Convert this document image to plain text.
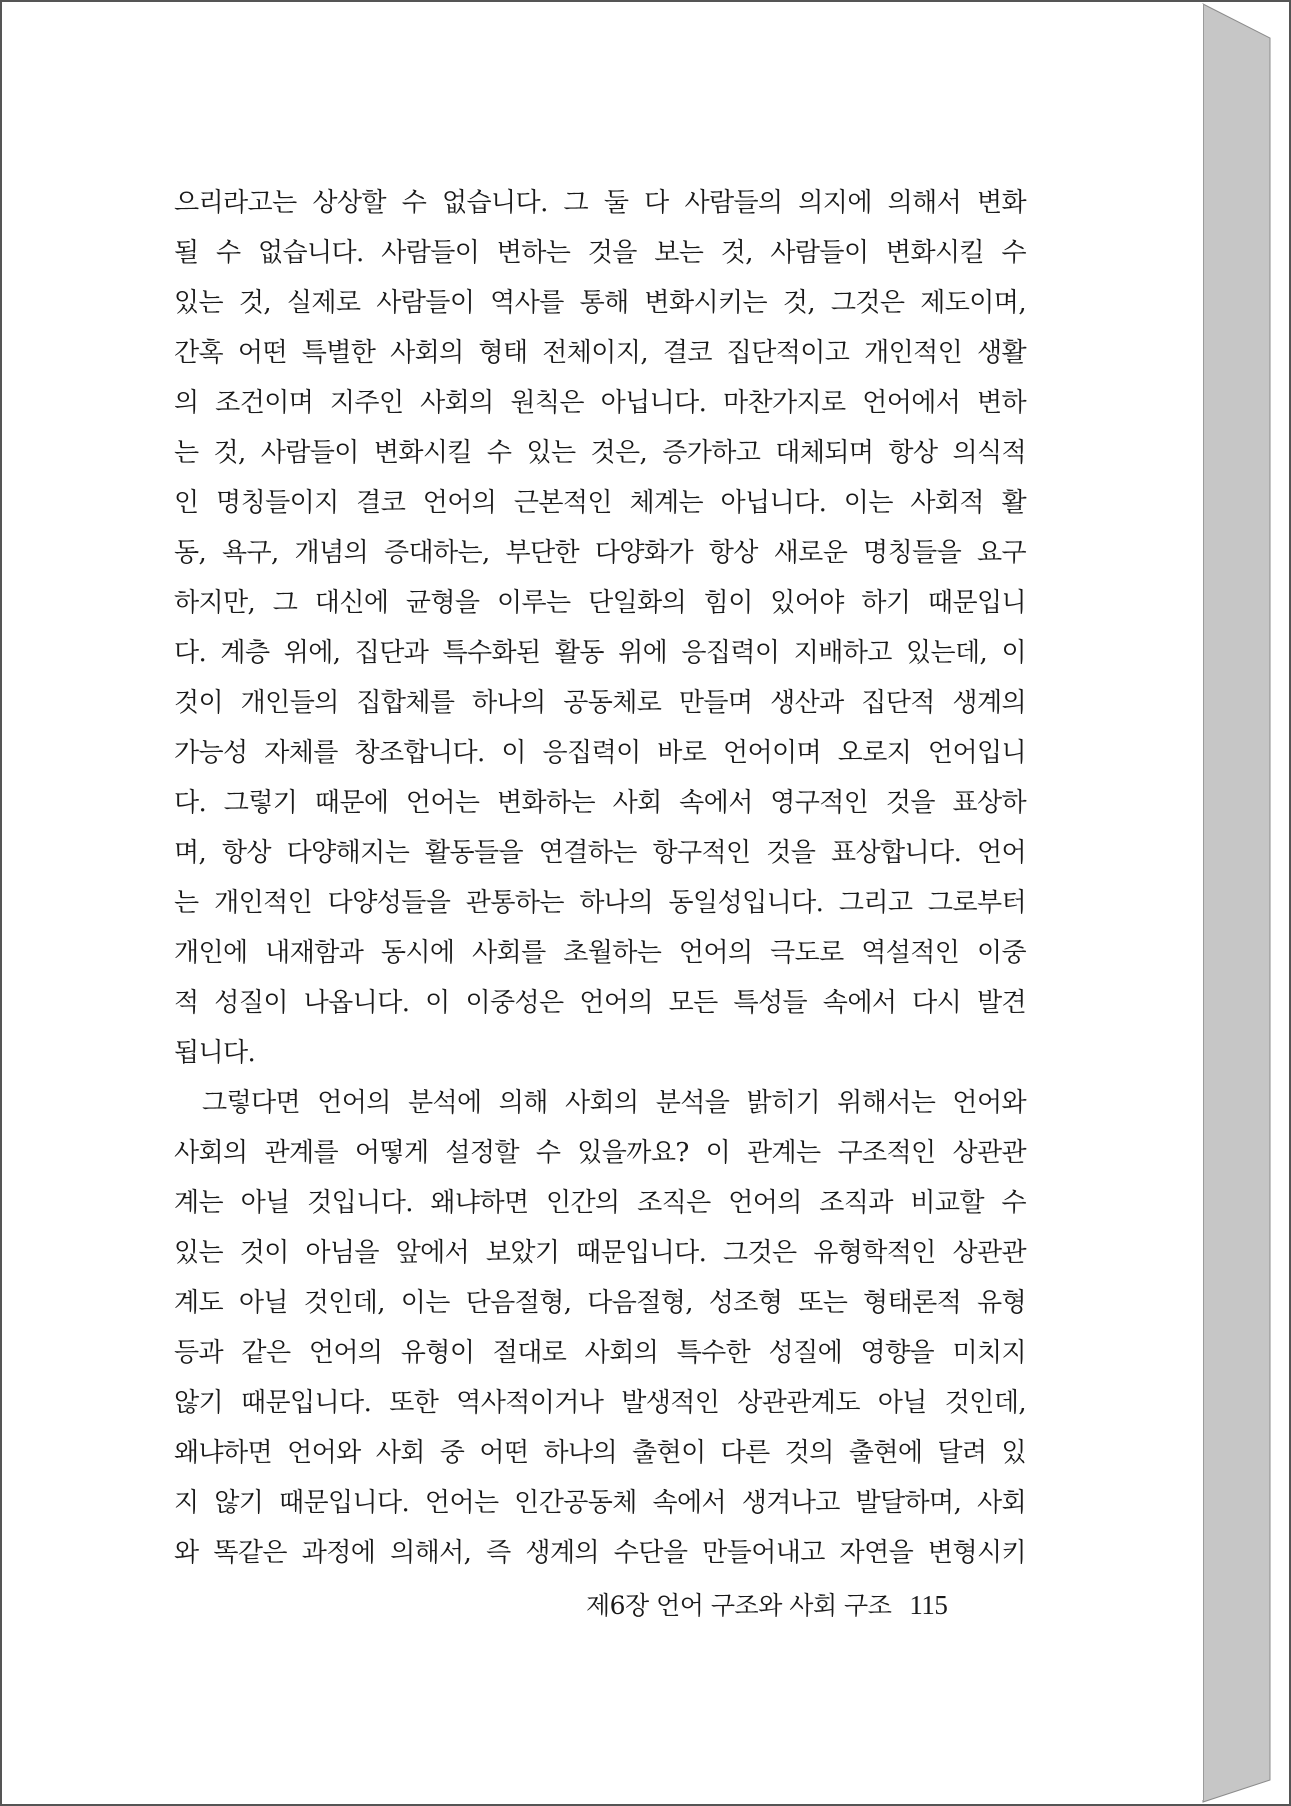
으리라고는 상상할 수 없습니다. 그 둘 다 사람들의 의지에 의해서 변화
될 수 없습니다. 사람들이 변하는 것을 보는 것, 사람들이 변화시킬 수
있는 것, 실제로 사람들이 역사를 통해 변화시키는 것, 그것은 제도이며,
간혹 어떤 특별한 사회의 형태 전체이지, 결코 집단적이고 개인적인 생활
의 조건이며 지주인 사회의 원칙은 아닙니다. 마찬가지로 언어에서 변하
는 것, 사람들이 변화시킬 수 있는 것은, 증가하고 대체되며 항상 의식적
인 명칭들이지 결코 언어의 근본적인 체계는 아닙니다. 이는 사회적 활
동, 욕구, 개념의 증대하는, 부단한 다양화가 항상 새로운 명칭들을 요구
하지만, 그 대신에 균형을 이루는 단일화의 힘이 있어야 하기 때문입니
다. 계층 위에, 집단과 특수화된 활동 위에 응집력이 지배하고 있는데, 이
것이 개인들의 집합체를 하나의 공동체로 만들며 생산과 집단적 생계의
가능성 자체를 창조합니다. 이 응집력이 바로 언어이며 오로지 언어입니
다. 그렇기 때문에 언어는 변화하는 사회 속에서 영구적인 것을 표상하
며, 항상 다양해지는 활동들을 연결하는 항구적인 것을 표상합니다. 언어
는 개인적인 다양성들을 관통하는 하나의 동일성입니다. 그리고 그로부터
개인에 내재함과 동시에 사회를 초월하는 언어의 극도로 역설적인 이중
적 성질이 나옵니다. 이 이중성은 언어의 모든 특성들 속에서 다시 발견
됩니다.
그렇다면 언어의 분석에 의해 사회의 분석을 밝히기 위해서는 언어와
사회의 관계를 어떻게 설정할 수 있을까요? 이 관계는 구조적인 상관관
계는 아닐 것입니다. 왜냐하면 인간의 조직은 언어의 조직과 비교할 수
있는 것이 아님을 앞에서 보았기 때문입니다. 그것은 유형학적인 상관관
계도 아닐 것인데, 이는 단음절형, 다음절형, 성조형 또는 형태론적 유형
등과 같은 언어의 유형이 절대로 사회의 특수한 성질에 영향을 미치지
않기 때문입니다. 또한 역사적이거나 발생적인 상관관계도 아닐 것인데,
왜냐하면 언어와 사회 중 어떤 하나의 출현이 다른 것의 출현에 달려 있
지 않기 때문입니다. 언어는 인간공동체 속에서 생겨나고 발달하며, 사회
와 똑같은 과정에 의해서, 즉 생계의 수단을 만들어내고 자연을 변형시키
제6장 언어 구조와 사회 구조 115
